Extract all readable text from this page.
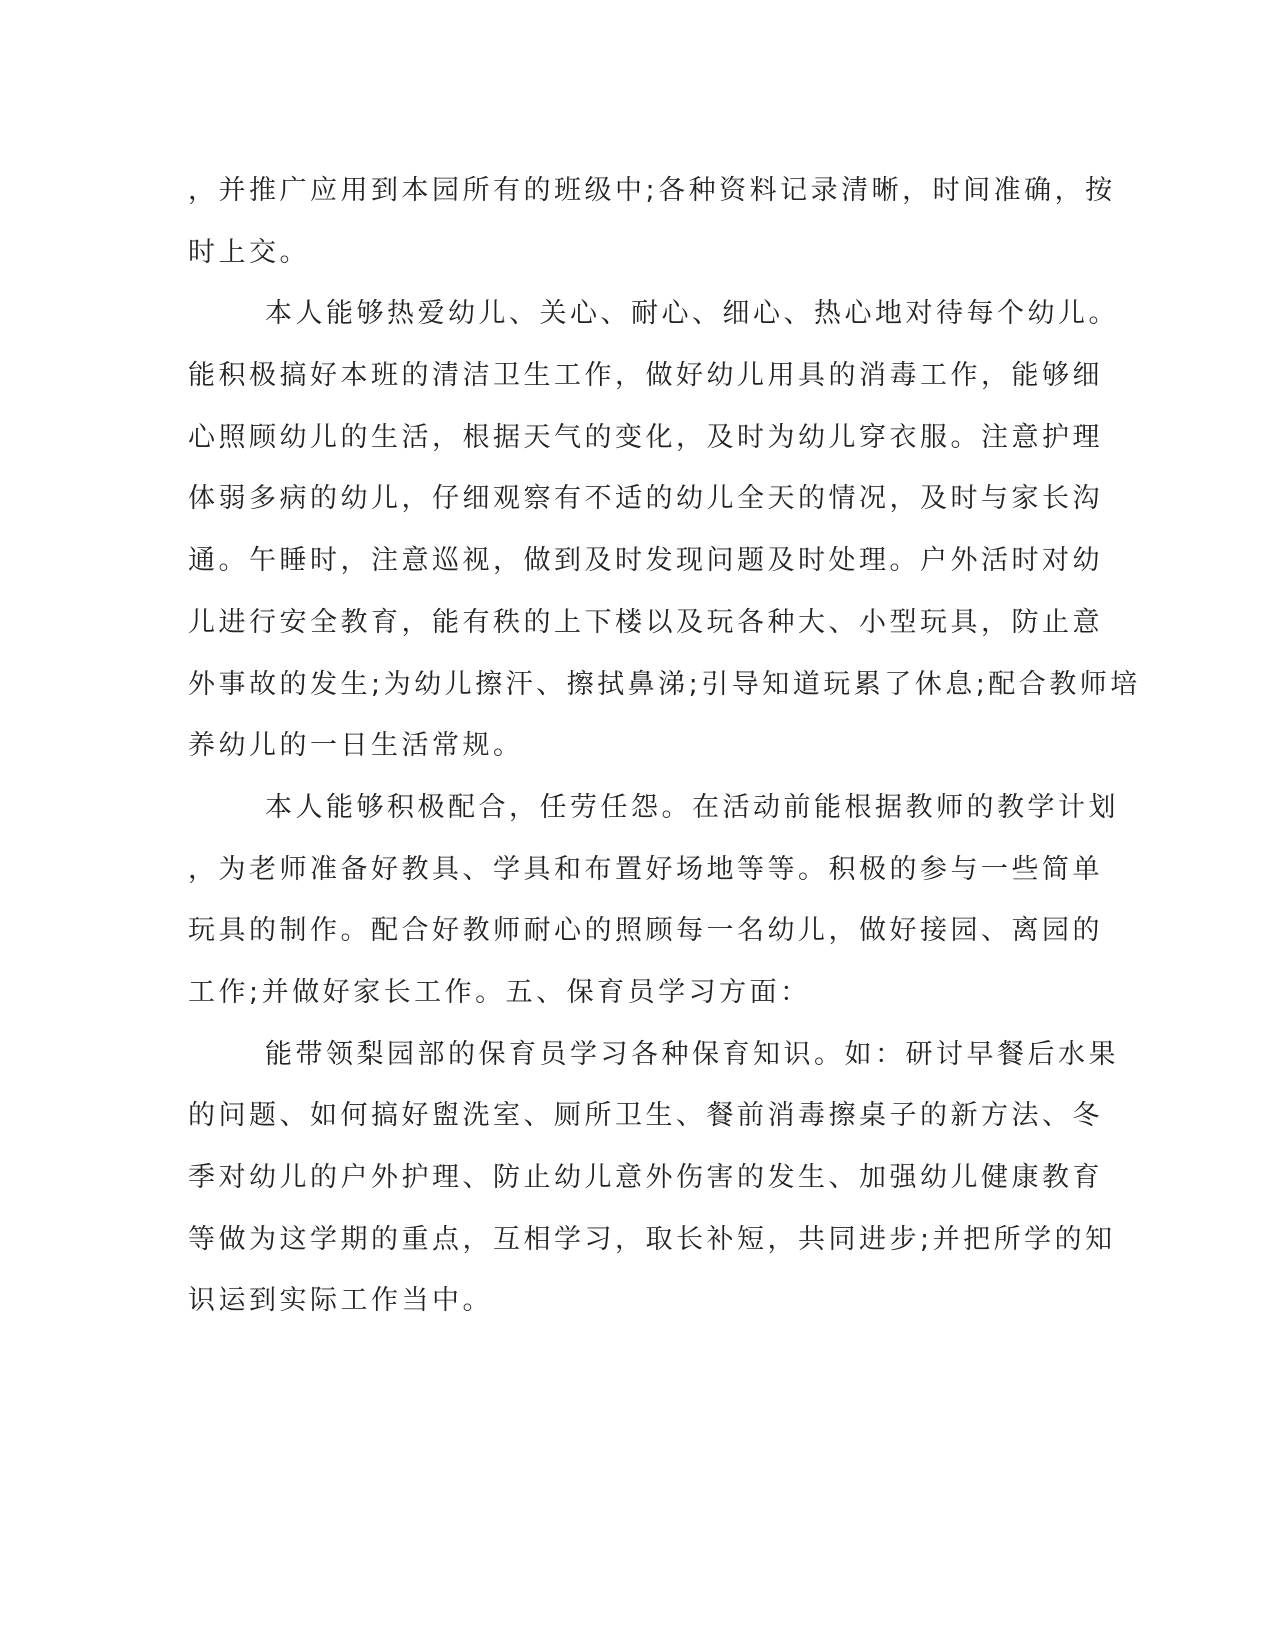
，并推广应用到本园所有的班级中;各种资料记录清晰，时间准确，按
时上交。
本人能够热爱幼儿、关心、耐心、细心、热心地对待每个幼儿。
能积极搞好本班的清洁卫生工作，做好幼儿用具的消毒工作，能够细
心照顾幼儿的生活，根据天气的变化，及时为幼儿穿衣服。注意护理
体弱多病的幼儿，仔细观察有不适的幼儿全天的情况，及时与家长沟
通。午睡时，注意巡视，做到及时发现问题及时处理。户外活时对幼
儿进行安全教育，能有秩的上下楼以及玩各种大、小型玩具，防止意
外事故的发生;为幼儿擦汗、擦拭鼻涕;引导知道玩累了休息;配合教师培
养幼儿的一日生活常规。
本人能够积极配合，任劳任怨。在活动前能根据教师的教学计划
，为老师准备好教具、学具和布置好场地等等。积极的参与一些简单
玩具的制作。配合好教师耐心的照顾每一名幼儿，做好接园、离园的
工作;并做好家长工作。五、保育员学习方面：
能带领梨园部的保育员学习各种保育知识。如：研讨早餐后水果
的问题、如何搞好盥洗室、厕所卫生、餐前消毒擦桌子的新方法、冬
季对幼儿的户外护理、防止幼儿意外伤害的发生、加强幼儿健康教育
等做为这学期的重点，互相学习，取长补短，共同进步;并把所学的知
识运到实际工作当中。
